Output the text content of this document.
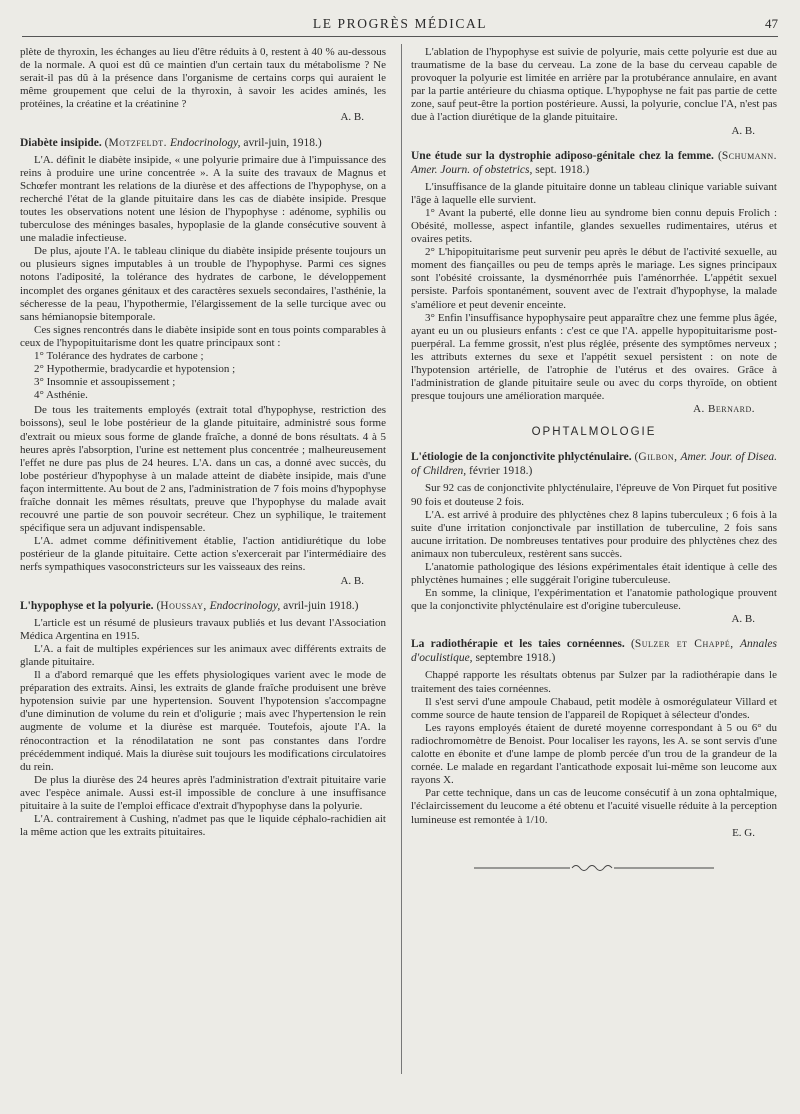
LE PROGRÈS MÉDICAL	47

plète de thyroxin, les échanges au lieu d'être réduits à 0, restent à 40 % au-dessous de la normale. A quoi est dû ce maintien d'un certain taux du métabolisme ? Ne serait-il pas dû à la présence dans l'organisme de certains corps qui auraient le même groupement que celui de la thyroxin, à savoir les acides aminés, les protéines, la créatine et la créatinine ?

A. B.
Diabète insipide. (Motzfeldt. Endocrinology, avril-juin, 1918.)

L'A. définit le diabète insipide, « une polyurie primaire due à l'impuissance des reins à produire une urine concentrée ». A la suite des travaux de Magnus et Schœfer montrant les relations de la diurèse et des affections de l'hypophyse, on a recherché l'état de la glande pituitaire dans les cas de diabète insipide. Presque toutes les observations notent une lésion de l'hypophyse : adénome, syphilis ou tuberculose des méninges basales, hypoplasie de la glande consécutive souvent à une maladie infectieuse.

De plus, ajoute l'A. le tableau clinique du diabète insipide présente toujours un ou plusieurs signes imputables à un trouble de l'hypophyse. Parmi ces signes notons l'adiposité, la tolérance des hydrates de carbone, le développement incomplet des organes génitaux et des caractères sexuels secondaires, l'asthénie, la sécheresse de la peau, l'hypothermie, l'élargissement de la selle turcique avec ou sans hémianopsie bitemporale.

Ces signes rencontrés dans le diabète insipide sont en tous points comparables à ceux de l'hypopituitarisme dont les quatre principaux sont :

1° Tolérance des hydrates de carbone ;
2° Hypothermie, bradycardie et hypotension ;
3° Insomnie et assoupissement ;
4° Asthénie.

De tous les traitements employés (extrait total d'hypophyse, restriction des boissons), seul le lobe postérieur de la glande pituitaire, administré sous forme d'extrait ou mieux sous forme de glande fraîche, a donné de bons résultats. 4 à 5 heures après l'absorption, l'urine est nettement plus concentrée ; malheureusement l'effet ne dure pas plus de 24 heures. L'A. dans un cas, a donné avec succès, du lobe postérieur d'hypophyse à un malade atteint de diabète insipide, mais d'une façon intermittente. Au bout de 2 ans, l'administration de 7 fois moins d'hypophyse fraîche donnait les mêmes résultats, preuve que l'hypophyse du malade avait recouvré une partie de son pouvoir secréteur. Chez un syphilique, le traitement spécifique sera un adjuvant indispensable.

L'A. admet comme définitivement établie, l'action antidiurétique du lobe postérieur de la glande pituitaire. Cette action s'exercerait par l'intermédiaire des nerfs sympathiques vasoconstricteurs sur les vaisseaux des reins.

A. B.
L'hypophyse et la polyurie. (Houssay, Endocrinology, avril-juin 1918.)

L'article est un résumé de plusieurs travaux publiés et lus devant l'Association Médica Argentina en 1915.

L'A. a fait de multiples expériences sur les animaux avec différents extraits de glande pituitaire.

Il a d'abord remarqué que les effets physiologiques varient avec le mode de préparation des extraits. Ainsi, les extraits de glande fraîche produisent une brève hypotension suivie par une hypertension. Souvent l'hypotension s'accompagne d'une diminution de volume du rein et d'oligurie ; mais avec l'hypertension le rein augmente de volume et la diurèse est marquée. Toutefois, ajoute l'A. la rénocontraction et la rénodilatation ne sont pas constantes dans l'ordre précédemment indiqué. Mais la diurèse suit toujours les modifications circulatoires du rein.

De plus la diurèse des 24 heures après l'administration d'extrait pituitaire varie avec l'espèce animale. Aussi est-il impossible de conclure à une insuffisance pituitaire à la suite de l'emploi efficace d'extrait d'hypophyse dans la polyurie.

L'A. contrairement à Cushing, n'admet pas que le liquide céphalo-rachidien ait la même action que les extraits pituitaires.

L'ablation de l'hypophyse est suivie de polyurie, mais cette polyurie est due au traumatisme de la base du cerveau. La zone de la base du cerveau capable de provoquer la polyurie est limitée en arrière par la protubérance annulaire, en avant par la partie antérieure du chiasma optique. L'hypophyse ne fait pas partie de cette zone, sauf peut-être la portion postérieure. Aussi, la polyurie, conclue l'A, n'est pas due à l'action diurétique de la glande pituitaire.

A. B.
Une étude sur la dystrophie adiposo-génitale chez la femme. (Schumann. Amer. Journ. of obstetrics, sept. 1918.)

L'insuffisance de la glande pituitaire donne un tableau clinique variable suivant l'âge à laquelle elle survient.

1° Avant la puberté, elle donne lieu au syndrome bien connu depuis Frolich : Obésité, mollesse, aspect infantile, glandes sexuelles rudimentaires, utérus et ovaires petits.

2° L'hipopituitarisme peut survenir peu après le début de l'activité sexuelle, au moment des fiançailles ou peu de temps après le mariage. Les signes principaux sont l'obésité croissante, la dysménorrhée puis l'aménorrhée. L'appétit sexuel persiste. Parfois spontanément, souvent avec de l'extrait d'hypophyse, la malade s'améliore et peut devenir enceinte.

3° Enfin l'insuffisance hypophysaire peut apparaître chez une femme plus âgée, ayant eu un ou plusieurs enfants : c'est ce que l'A. appelle hypopituitarisme post-puerpéral. La femme grossit, n'est plus réglée, présente des symptômes nerveux ; les attributs externes du sexe et l'appétit sexuel persistent : on note de l'hypotension artérielle, de l'atrophie de l'utérus et des ovaires. Grâce à l'administration de glande pituitaire seule ou avec du corps thyroïde, on obtient presque toujours une amélioration marquée.

A. Bernard.
OPHTALMOLOGIE
L'étiologie de la conjonctivite phlycténulaire. (Gilbon, Amer. Jour. of Disea. of Children, février 1918.)

Sur 92 cas de conjonctivite phlycténulaire, l'épreuve de Von Pirquet fut positive 90 fois et douteuse 2 fois.

L'A. est arrivé à produire des phlyctènes chez 8 lapins tuberculeux ; 6 fois à la suite d'une irritation conjonctivale par instillation de tuberculine, 2 fois sans aucune irritation. De nombreuses tentatives pour produire des phlyctènes chez des animaux non tuberculeux, restèrent sans succès.

L'anatomie pathologique des lésions expérimentales était identique à celle des phlyctènes humaines ; elle suggérait l'origine tuberculeuse.

En somme, la clinique, l'expérimentation et l'anatomie pathologique prouvent que la conjonctivite phlycténulaire est d'origine tuberculeuse.

A. B.
La radiothérapie et les taies cornéennes. (Sulzer et Chappé, Annales d'oculistique, septembre 1918.)

Chappé rapporte les résultats obtenus par Sulzer par la radiothérapie dans le traitement des taies cornéennes.

Il s'est servi d'une ampoule Chabaud, petit modèle à osmorégulateur Villard et comme source de haute tension de l'appareil de Ropiquet à sélecteur d'ondes.

Les rayons employés étaient de dureté moyenne correspondant à 5 ou 6° du radiochromomètre de Benoist. Pour localiser les rayons, les A. se sont servis d'une calotte en ébonite et d'une lampe de plomb percée d'un trou de la grandeur de la cornée. Le malade en regardant l'anticathode exposait lui-même son leucome aux rayons X.

Par cette technique, dans un cas de leucome consécutif à un zona ophtalmique, l'éclaircissement du leucome a été obtenu et l'acuité visuelle réduite à la perception lumineuse est remontée à 1/10.

E. G.
